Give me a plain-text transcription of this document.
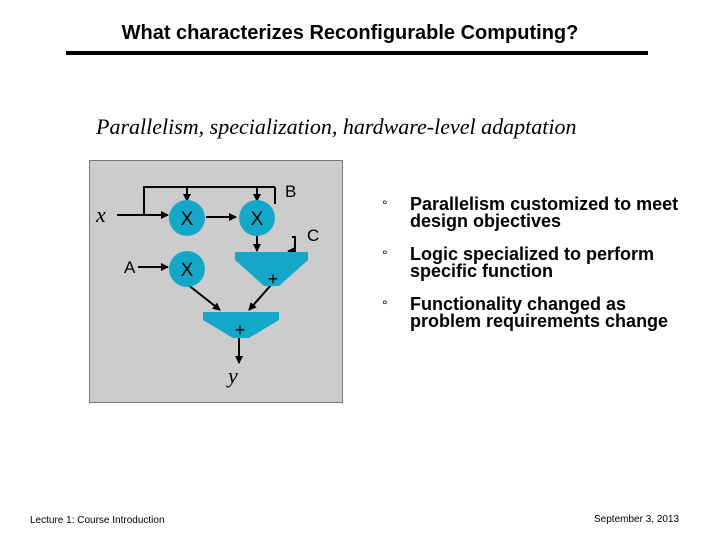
What characterizes Reconfigurable Computing?
Parallelism, specialization, hardware-level adaptation
X	X
X	+
+
x
A
B
C
y
°	Parallelism customized to meet design objectives
°	Logic specialized to perform specific function
°	Functionality changed as problem requirements change
Lecture 1: Course Introduction	September 3, 2013
